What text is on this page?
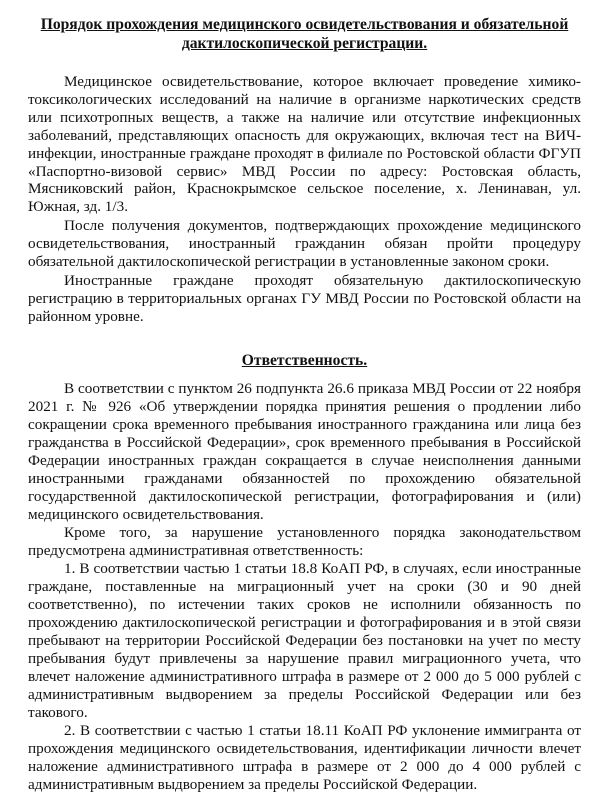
Порядок прохождения медицинского освидетельствования и обязательной дактилоскопической регистрации.

Медицинское освидетельствование, которое включает проведение химико-токсикологических исследований на наличие в организме наркотических средств или психотропных веществ, а также на наличие или отсутствие инфекционных заболеваний, представляющих опасность для окружающих, включая тест на ВИЧ-инфекции, иностранные граждане проходят в филиале по Ростовской области ФГУП «Паспортно-визовой сервис» МВД России по адресу: Ростовская область, Мясниковский район, Краснокрымское сельское поселение, х. Ленинаван, ул. Южная, зд. 1/3.

После получения документов, подтверждающих прохождение медицинского освидетельствования, иностранный гражданин обязан пройти процедуру обязательной дактилоскопической регистрации в установленные законом сроки.

Иностранные граждане проходят обязательную дактилоскопическую регистрацию в территориальных органах ГУ МВД России по Ростовской области на районном уровне.

Ответственность.

В соответствии с пунктом 26 подпункта 26.6 приказа МВД России от 22 ноября 2021 г. № 926 «Об утверждении порядка принятия решения о продлении либо сокращении срока временного пребывания иностранного гражданина или лица без гражданства в Российской Федерации», срок временного пребывания в Российской Федерации иностранных граждан сокращается в случае неисполнения данными иностранными гражданами обязанностей по прохождению обязательной государственной дактилоскопической регистрации, фотографирования и (или) медицинского освидетельствования.

Кроме того, за нарушение установленного порядка законодательством предусмотрена административная ответственность:

1. В соответствии частью 1 статьи 18.8 КоАП РФ, в случаях, если иностранные граждане, поставленные на миграционный учет на сроки (30 и 90 дней соответственно), по истечении таких сроков не исполнили обязанность по прохождению дактилоскопической регистрации и фотографирования и в этой связи пребывают на территории Российской Федерации без постановки на учет по месту пребывания будут привлечены за нарушение правил миграционного учета, что влечет наложение административного штрафа в размере от 2 000 до 5 000 рублей с административным выдворением за пределы Российской Федерации или без такового.

2. В соответствии с частью 1 статьи 18.11 КоАП РФ уклонение иммигранта от прохождения медицинского освидетельствования, идентификации личности влечет наложение административного штрафа в размере от 2 000 до 4 000 рублей с административным выдворением за пределы Российской Федерации.
